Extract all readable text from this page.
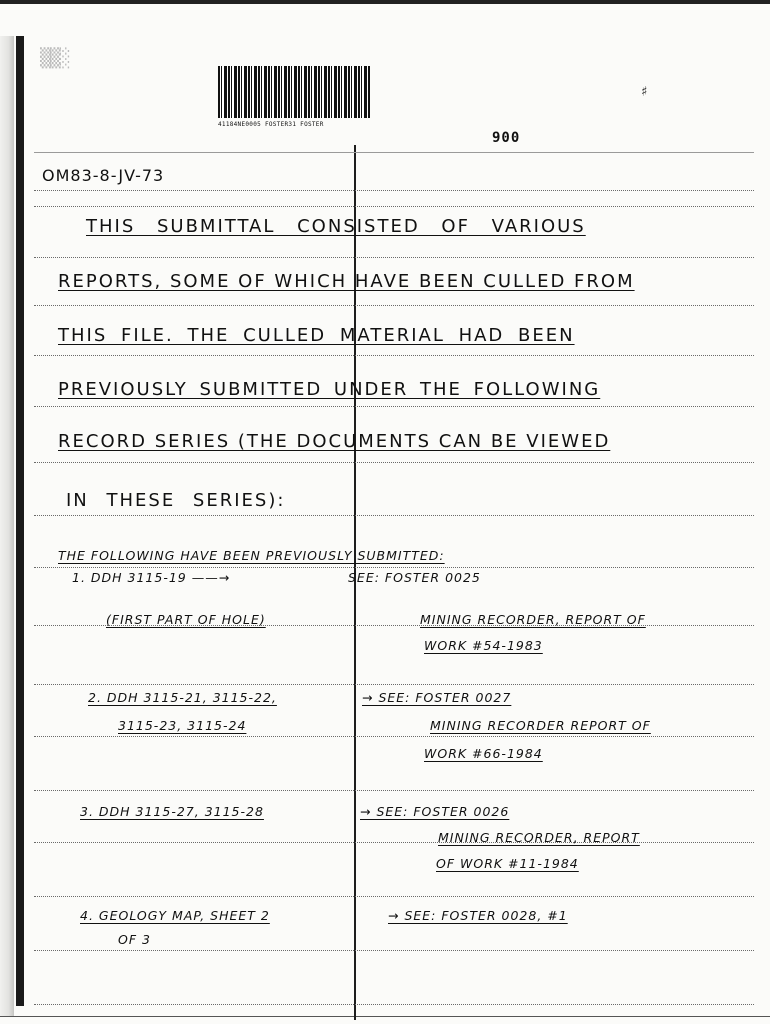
▒▒░
41184NE0005 FOSTER31 FOSTER
♯
900
OM83-8-JV-73
THIS SUBMITTAL CONSISTED OF VARIOUS
REPORTS, SOME OF WHICH HAVE BEEN CULLED FROM
THIS FILE. THE CULLED MATERIAL HAD BEEN
PREVIOUSLY SUBMITTED UNDER THE FOLLOWING
RECORD SERIES (THE DOCUMENTS CAN BE VIEWED
IN THESE SERIES):
THE FOLLOWING HAVE BEEN PREVIOUSLY SUBMITTED:
1. DDH 3115-19 ——→	SEE: FOSTER 0025
(FIRST PART OF HOLE)	MINING RECORDER, REPORT OF
WORK #54-1983
2. DDH 3115-21, 3115-22,	→ SEE: FOSTER 0027
3115-23, 3115-24	MINING RECORDER REPORT OF
WORK #66-1984
3. DDH 3115-27, 3115-28	→ SEE: FOSTER 0026
MINING RECORDER, REPORT
OF WORK #11-1984
4. GEOLOGY MAP, SHEET 2	→ SEE: FOSTER 0028, #1
OF 3
